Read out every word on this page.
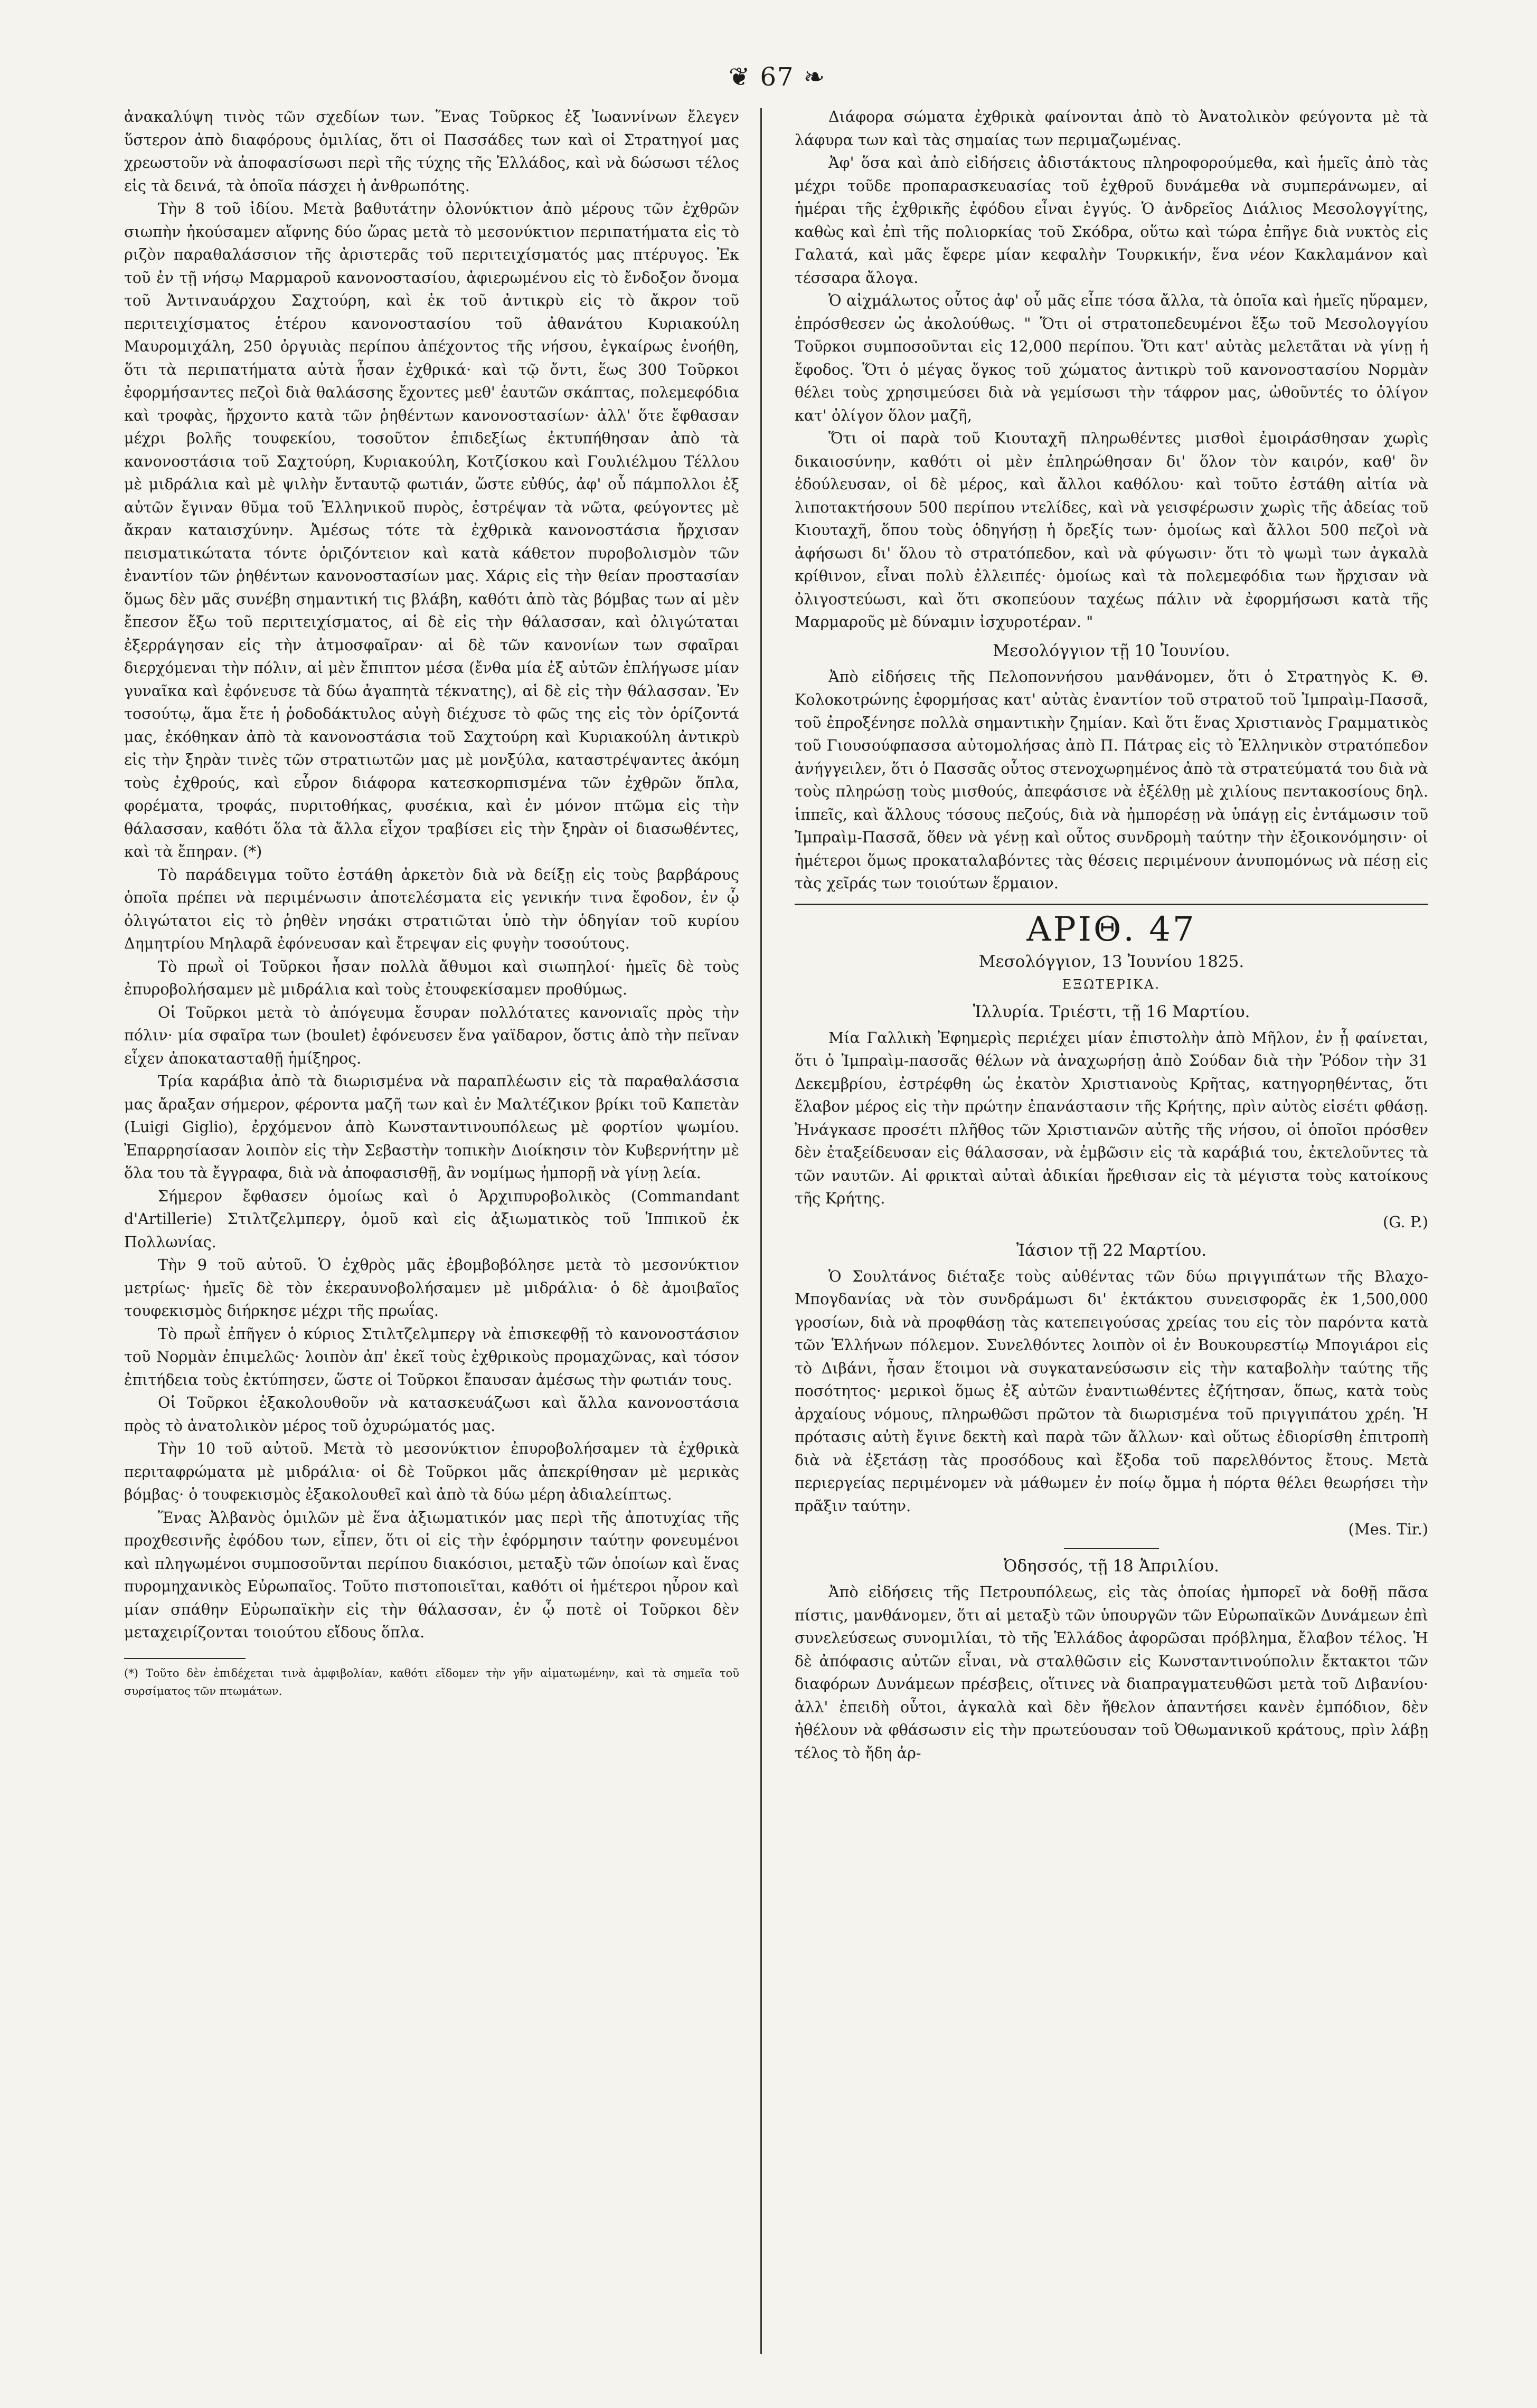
❦ 67 ❧

ἀνακαλύψη τινὸς τῶν σχεδίων των. Ἕνας Τοῦρκος ἐξ Ἰωαννίνων ἔλεγεν ὕστερον ἀπὸ διαφόρους ὁμιλίας, ὅτι οἱ Πασσάδες των καὶ οἱ Στρατηγοί μας χρεωστοῦν νὰ ἀποφασίσωσι περὶ τῆς τύχης τῆς Ἑλλάδος, καὶ νὰ δώσωσι τέλος εἰς τὰ δεινά, τὰ ὁποῖα πάσχει ἡ ἀνθρωπότης.

Τὴν 8 τοῦ ἰδίου. Μετὰ βαθυτάτην ὀλονύκτιον ἀπὸ μέρους τῶν ἐχθρῶν σιωπὴν ἠκούσαμεν αἴφνης δύο ὥρας μετὰ τὸ μεσονύκτιον περιπατήματα εἰς τὸ ριζὸν παραθαλάσσιον τῆς ἀριστερᾶς τοῦ περιτειχίσματός μας πτέρυγος. Ἐκ τοῦ ἐν τῇ νήσῳ Μαρμαροῦ κανονοστασίου, ἀφιερωμένου εἰς τὸ ἔνδοξον ὄνομα τοῦ Ἀντιναυάρχου Σαχτούρη, καὶ ἐκ τοῦ ἀντικρὺ εἰς τὸ ἄκρον τοῦ περιτειχίσματος ἑτέρου κανονοστασίου τοῦ ἀθανάτου Κυριακούλη Μαυρομιχάλη, 250 ὀργυιὰς περίπου ἀπέχοντος τῆς νήσου, ἐγκαίρως ἐνοήθη, ὅτι τὰ περιπατήματα αὐτὰ ἦσαν ἐχθρικά· καὶ τῷ ὄντι, ἕως 300 Τοῦρκοι ἐφορμήσαντες πεζοὶ διὰ θαλάσσης ἔχοντες μεθ' ἑαυτῶν σκάπτας, πολεμεφόδια καὶ τροφὰς, ἤρχοντο κατὰ τῶν ῥηθέντων κανονοστασίων· ἀλλ' ὅτε ἔφθασαν μέχρι βολῆς τουφεκίου, τοσοῦτον ἐπιδεξίως ἐκτυπήθησαν ἀπὸ τὰ κανονοστάσια τοῦ Σαχτούρη, Κυριακούλη, Κοτζίσκου καὶ Γουλιέλμου Τέλλου μὲ μιδράλια καὶ μὲ ψιλὴν ἔνταυτῷ φωτιάν, ὥστε εὐθύς, ἀφ' οὗ πάμπολλοι ἐξ αὐτῶν ἔγιναν θῦμα τοῦ Ἑλληνικοῦ πυρὸς, ἐστρέψαν τὰ νῶτα, φεύγοντες μὲ ἄκραν καταισχύνην. Ἀμέσως τότε τὰ ἐχθρικὰ κανονοστάσια ἤρχισαν πεισματικώτατα τόντε ὁριζόντειον καὶ κατὰ κάθετον πυροβολισμὸν τῶν ἐναντίον τῶν ῥηθέντων κανονοστασίων μας. Χάρις εἰς τὴν θείαν προστασίαν ὅμως δὲν μᾶς συνέβη σημαντική τις βλάβη, καθότι ἀπὸ τὰς βόμβας των αἱ μὲν ἔπεσον ἔξω τοῦ περιτειχίσματος, αἱ δὲ εἰς τὴν θάλασσαν, καὶ ὀλιγώταται ἐξερράγησαν εἰς τὴν ἀτμοσφαῖραν· αἱ δὲ τῶν κανονίων των σφαῖραι διερχόμεναι τὴν πόλιν, αἱ μὲν ἔπιπτον μέσα (ἔνθα μία ἐξ αὐτῶν ἐπλήγωσε μίαν γυναῖκα καὶ ἐφόνευσε τὰ δύω ἀγαπητὰ τέκνατης), αἱ δὲ εἰς τὴν θάλασσαν. Ἐν τοσούτῳ, ἅμα ἔτε ἡ ῥοδοδάκτυλος αὐγὴ διέχυσε τὸ φῶς της εἰς τὸν ὁρίζοντά μας, ἐκόθηκαν ἀπὸ τὰ κανονοστάσια τοῦ Σαχτούρη καὶ Κυριακούλη ἀντικρὺ εἰς τὴν ξηρὰν τινὲς τῶν στρατιωτῶν μας μὲ μονξύλα, καταστρέψαντες ἀκόμη τοὺς ἐχθρούς, καὶ εὗρον διάφορα κατεσκορπισμένα τῶν ἐχθρῶν ὅπλα, φορέματα, τροφάς, πυριτοθήκας, φυσέκια, καὶ ἐν μόνον πτῶμα εἰς τὴν θάλασσαν, καθότι ὅλα τὰ ἄλλα εἶχον τραβίσει εἰς τὴν ξηρὰν οἱ διασωθέντες, καὶ τὰ ἔπηραν. (*)

Τὸ παράδειγμα τοῦτο ἐστάθη ἀρκετὸν διὰ νὰ δείξῃ εἰς τοὺς βαρβάρους ὁποῖα πρέπει νὰ περιμένωσιν ἀποτελέσματα εἰς γενικήν τινα ἔφοδον, ἐν ᾧ ὀλιγώτατοι εἰς τὸ ῥηθὲν νησάκι στρατιῶται ὑπὸ τὴν ὁδηγίαν τοῦ κυρίου Δημητρίου Μηλαρᾶ ἐφόνευσαν καὶ ἔτρεψαν εἰς φυγὴν τοσούτους.

Τὸ πρωῒ οἱ Τοῦρκοι ἦσαν πολλὰ ἄθυμοι καὶ σιωπηλοί· ἡμεῖς δὲ τοὺς ἐπυροβολήσαμεν μὲ μιδράλια καὶ τοὺς ἐτουφεκίσαμεν προθύμως.

Οἱ Τοῦρκοι μετὰ τὸ ἀπόγευμα ἔσυραν πολλότατες κανονιαῖς πρὸς τὴν πόλιν· μία σφαῖρα των (boulet) ἐφόνευσεν ἕνα γαϊδαρον, ὅστις ἀπὸ τὴν πεῖναν εἶχεν ἀποκατασταθῇ ἡμίξηρος.

Τρία καράβια ἀπὸ τὰ διωρισμένα νὰ παραπλέωσιν εἰς τὰ παραθαλάσσια μας ἄραξαν σήμερον, φέροντα μαζῆ των καὶ ἐν Μαλτέζικον βρίκι τοῦ Καπετὰν (Luigi Giglio), ἐρχόμενον ἀπὸ Κωνσταντινουπόλεως μὲ φορτίον ψωμίου. Ἐπαρρησίασαν λοιπὸν εἰς τὴν Σεβαστὴν τοπικὴν Διοίκησιν τὸν Κυβερνήτην μὲ ὅλα του τὰ ἔγγραφα, διὰ νὰ ἀποφασισθῇ, ἂν νομίμως ἠμπορῇ νὰ γίνῃ λεία.

Σήμερον ἔφθασεν ὁμοίως καὶ ὁ Ἀρχιπυροβολικὸς (Commandant d'Artillerie) Στιλτζελμπεργ, ὁμοῦ καὶ εἰς ἀξιωματικὸς τοῦ Ἱππικοῦ ἐκ Πολλωνίας.

Τὴν 9 τοῦ αὐτοῦ. Ὁ ἐχθρὸς μᾶς ἐβομβοβόλησε μετὰ τὸ μεσονύκτιον μετρίως· ἡμεῖς δὲ τὸν ἐκεραυνοβολήσαμεν μὲ μιδράλια· ὁ δὲ ἀμοιβαῖος τουφεκισμὸς διήρκησε μέχρι τῆς πρωΐας.

Τὸ πρωῒ ἐπῆγεν ὁ κύριος Στιλτζελμπεργ νὰ ἐπισκεφθῇ τὸ κανονοστάσιον τοῦ Νορμὰν ἐπιμελῶς· λοιπὸν ἀπ' ἐκεῖ τοὺς ἐχθρικοὺς προμαχῶνας, καὶ τόσον ἐπιτήδεια τοὺς ἐκτύπησεν, ὥστε οἱ Τοῦρκοι ἔπαυσαν ἀμέσως τὴν φωτιάν τους.

Οἱ Τοῦρκοι ἐξακολουθοῦν νὰ κατασκευάζωσι καὶ ἄλλα κανονοστάσια πρὸς τὸ ἀνατολικὸν μέρος τοῦ ὀχυρώματός μας.

Τὴν 10 τοῦ αὐτοῦ. Μετὰ τὸ μεσονύκτιον ἐπυροβολήσαμεν τὰ ἐχθρικὰ περιταφρώματα μὲ μιδράλια· οἱ δὲ Τοῦρκοι μᾶς ἀπεκρίθησαν μὲ μερικὰς βόμβας· ὁ τουφεκισμὸς ἐξακολουθεῖ καὶ ἀπὸ τὰ δύω μέρη ἀδιαλείπτως.

Ἕνας Ἀλβανὸς ὁμιλῶν μὲ ἕνα ἀξιωματικόν μας περὶ τῆς ἀποτυχίας τῆς προχθεσινῆς ἐφόδου των, εἶπεν, ὅτι οἱ εἰς τὴν ἐφόρμησιν ταύτην φονευμένοι καὶ πληγωμένοι συμποσοῦνται περίπου διακόσιοι, μεταξὺ τῶν ὁποίων καὶ ἕνας πυρομηχανικὸς Εὐρωπαῖος. Τοῦτο πιστοποιεῖται, καθότι οἱ ἡμέτεροι ηὗρον καὶ μίαν σπάθην Εὐρωπαϊκὴν εἰς τὴν θάλασσαν, ἐν ᾧ ποτὲ οἱ Τοῦρκοι δὲν μεταχειρίζονται τοιούτου εἴδους ὅπλα.

(*) Τοῦτο δὲν ἐπιδέχεται τινὰ ἀμφιβολίαν, καθότι εἴδομεν τὴν γῆν αἱματωμένην, καὶ τὰ σημεῖα τοῦ συρσίματος τῶν πτωμάτων.

Διάφορα σώματα ἐχθρικὰ φαίνονται ἀπὸ τὸ Ἀνατολικὸν φεύγοντα μὲ τὰ λάφυρα των καὶ τὰς σημαίας των περιμαζωμένας.

Ἀφ' ὅσα καὶ ἀπὸ εἰδήσεις ἀδιστάκτους πληροφορούμεθα, καὶ ἡμεῖς ἀπὸ τὰς μέχρι τοῦδε προπαρασκευασίας τοῦ ἐχθροῦ δυνάμεθα νὰ συμπεράνωμεν, αἱ ἡμέραι τῆς ἐχθρικῆς ἐφόδου εἶναι ἐγγύς. Ὁ ἀνδρεῖος Διάλιος Μεσολογγίτης, καθὼς καὶ ἐπὶ τῆς πολιορκίας τοῦ Σκόδρα, οὕτω καὶ τώρα ἐπῆγε διὰ νυκτὸς εἰς Γαλατά, καὶ μᾶς ἔφερε μίαν κεφαλὴν Τουρκικήν, ἕνα νέον Κακλαμάνον καὶ τέσσαρα ἄλογα.

Ὁ αἰχμάλωτος οὗτος ἀφ' οὗ μᾶς εἶπε τόσα ἄλλα, τὰ ὁποῖα καὶ ἡμεῖς ηὕραμεν, ἐπρόσθεσεν ὡς ἀκολούθως. " Ὅτι οἱ στρατοπεδευμένοι ἔξω τοῦ Μεσολογγίου Τοῦρκοι συμποσοῦνται εἰς 12,000 περίπου. Ὅτι κατ' αὐτὰς μελετᾶται νὰ γίνῃ ἡ ἔφοδος. Ὅτι ὁ μέγας ὄγκος τοῦ χώματος ἀντικρὺ τοῦ κανονοστασίου Νορμὰν θέλει τοὺς χρησιμεύσει διὰ νὰ γεμίσωσι τὴν τάφρον μας, ὠθοῦντές το ὀλίγον κατ' ὀλίγον ὅλον μαζῆ,

Ὅτι οἱ παρὰ τοῦ Κιουταχῆ πληρωθέντες μισθοὶ ἐμοιράσθησαν χωρὶς δικαιοσύνην, καθότι οἱ μὲν ἐπληρώθησαν δι' ὅλον τὸν καιρόν, καθ' ὃν ἐδούλευσαν, οἱ δὲ μέρος, καὶ ἄλλοι καθόλου· καὶ τοῦτο ἐστάθη αἰτία νὰ λιποτακτήσουν 500 περίπου ντελίδες, καὶ νὰ γεισφέρωσιν χωρὶς τῆς ἀδείας τοῦ Κιουταχῆ, ὅπου τοὺς ὁδηγήσῃ ἡ ὄρεξίς των· ὁμοίως καὶ ἄλλοι 500 πεζοὶ νὰ ἀφήσωσι δι' ὅλου τὸ στρατόπεδον, καὶ νὰ φύγωσιν· ὅτι τὸ ψωμὶ των ἀγκαλὰ κρίθινον, εἶναι πολὺ ἐλλειπές· ὁμοίως καὶ τὰ πολεμεφόδια των ἤρχισαν νὰ ὀλιγοστεύωσι, καὶ ὅτι σκοπεύουν ταχέως πάλιν νὰ ἐφορμήσωσι κατὰ τῆς Μαρμαροῦς μὲ δύναμιν ἰσχυροτέραν. "

Μεσολόγγιον τῇ 10 Ἰουνίου.

Ἀπὸ εἰδήσεις τῆς Πελοποννήσου μανθάνομεν, ὅτι ὁ Στρατηγὸς Κ. Θ. Κολοκοτρώνης ἐφορμήσας κατ' αὐτὰς ἐναντίον τοῦ στρατοῦ τοῦ Ἰμπραὶμ-Πασσᾶ, τοῦ ἐπροξένησε πολλὰ σημαντικὴν ζημίαν. Καὶ ὅτι ἕνας Χριστιανὸς Γραμματικὸς τοῦ Γιουσούφπασσα αὐτομολήσας ἀπὸ Π. Πάτρας εἰς τὸ Ἑλληνικὸν στρατόπεδον ἀνήγγειλεν, ὅτι ὁ Πασσᾶς οὗτος στενοχωρημένος ἀπὸ τὰ στρατεύματά του διὰ νὰ τοὺς πληρώσῃ τοὺς μισθούς, ἀπεφάσισε νὰ ἐξέλθῃ μὲ χιλίους πεντακοσίους δηλ. ἱππεῖς, καὶ ἄλλους τόσους πεζούς, διὰ νὰ ἠμπορέσῃ νὰ ὑπάγῃ εἰς ἐντάμωσιν τοῦ Ἰμπραὶμ-Πασσᾶ, ὅθεν νὰ γένῃ καὶ οὗτος συνδρομὴ ταύτην τὴν ἐξοικονόμησιν· οἱ ἡμέτεροι ὅμως προκαταλαβόντες τὰς θέσεις περιμένουν ἀνυπομόνως νὰ πέσῃ εἰς τὰς χεῖράς των τοιούτων ἕρμαιον.

ΑΡΙΘ. 47
Μεσολόγγιον, 13 Ἰουνίου 1825.
ΕΞΩΤΕΡΙΚΑ.
Ἰλλυρία. Τριέστι, τῇ 16 Μαρτίου.

Μία Γαλλικὴ Ἐφημερὶς περιέχει μίαν ἐπιστολὴν ἀπὸ Μῆλον, ἐν ᾗ φαίνεται, ὅτι ὁ Ἰμπραὶμ-πασσᾶς θέλων νὰ ἀναχωρήσῃ ἀπὸ Σούδαν διὰ τὴν Ῥόδον τὴν 31 Δεκεμβρίου, ἐστρέφθη ὡς ἑκατὸν Χριστιανοὺς Κρῆτας, κατηγορηθέντας, ὅτι ἔλαβον μέρος εἰς τὴν πρώτην ἐπανάστασιν τῆς Κρήτης, πρὶν αὐτὸς εἰσέτι φθάσῃ. Ἠνάγκασε προσέτι πλῆθος τῶν Χριστιανῶν αὐτῆς τῆς νήσου, οἱ ὁποῖοι πρόσθεν δὲν ἐταξείδευσαν εἰς θάλασσαν, νὰ ἐμβῶσιν εἰς τὰ καράβιά του, ἐκτελοῦντες τὰ τῶν ναυτῶν. Αἱ φρικταὶ αὐταὶ ἀδικίαι ἤρεθισαν εἰς τὰ μέγιστα τοὺς κατοίκους τῆς Κρήτης.

(G. P.)
Ἰάσιον τῇ 22 Μαρτίου.

Ὁ Σουλτάνος διέταξε τοὺς αὐθέντας τῶν δύω πριγγιπάτων τῆς Βλαχο-Μπογδανίας νὰ τὸν συνδράμωσι δι' ἐκτάκτου συνεισφορᾶς ἐκ 1,500,000 γροσίων, διὰ νὰ προφθάσῃ τὰς κατεπειγούσας χρείας του εἰς τὸν παρόντα κατὰ τῶν Ἑλλήνων πόλεμον. Συνελθόντες λοιπὸν οἱ ἐν Βουκουρεστίῳ Μπογιάροι εἰς τὸ Διβάνι, ἦσαν ἕτοιμοι νὰ συγκατανεύσωσιν εἰς τὴν καταβολὴν ταύτης τῆς ποσότητος· μερικοὶ ὅμως ἐξ αὐτῶν ἐναντιωθέντες ἐζήτησαν, ὅπως, κατὰ τοὺς ἀρχαίους νόμους, πληρωθῶσι πρῶτον τὰ διωρισμένα τοῦ πριγγιπάτου χρέη. Ἡ πρότασις αὐτὴ ἔγινε δεκτὴ καὶ παρὰ τῶν ἄλλων· καὶ οὕτως ἐδιορίσθη ἐπιτροπὴ διὰ νὰ ἐξετάσῃ τὰς προσόδους καὶ ἔξοδα τοῦ παρελθόντος ἔτους. Μετὰ περιεργείας περιμένομεν νὰ μάθωμεν ἐν ποίῳ ὄμμα ἡ πόρτα θέλει θεωρήσει τὴν πρᾶξιν ταύτην.

(Mes. Tir.)
Ὀδησσός, τῇ 18 Ἀπριλίου.

Ἀπὸ εἰδήσεις τῆς Πετρουπόλεως, εἰς τὰς ὁποίας ἠμπορεῖ νὰ δοθῇ πᾶσα πίστις, μανθάνομεν, ὅτι αἱ μεταξὺ τῶν ὑπουργῶν τῶν Εὐρωπαϊκῶν Δυνάμεων ἐπὶ συνελεύσεως συνομιλίαι, τὸ τῆς Ἑλλάδος ἀφορῶσαι πρόβλημα, ἔλαβον τέλος. Ἡ δὲ ἀπόφασις αὐτῶν εἶναι, νὰ σταλθῶσιν εἰς Κωνσταντινούπολιν ἔκτακτοι τῶν διαφόρων Δυνάμεων πρέσβεις, οἵτινες νὰ διαπραγματευθῶσι μετὰ τοῦ Διβανίου· ἀλλ' ἐπειδὴ οὗτοι, ἀγκαλὰ καὶ δὲν ἤθελον ἀπαντήσει κανὲν ἐμπόδιον, δὲν ἠθέλουν νὰ φθάσωσιν εἰς τὴν πρωτεύουσαν τοῦ Ὀθωμανικοῦ κράτους, πρὶν λάβῃ τέλος τὸ ἤδη ἀρ-
